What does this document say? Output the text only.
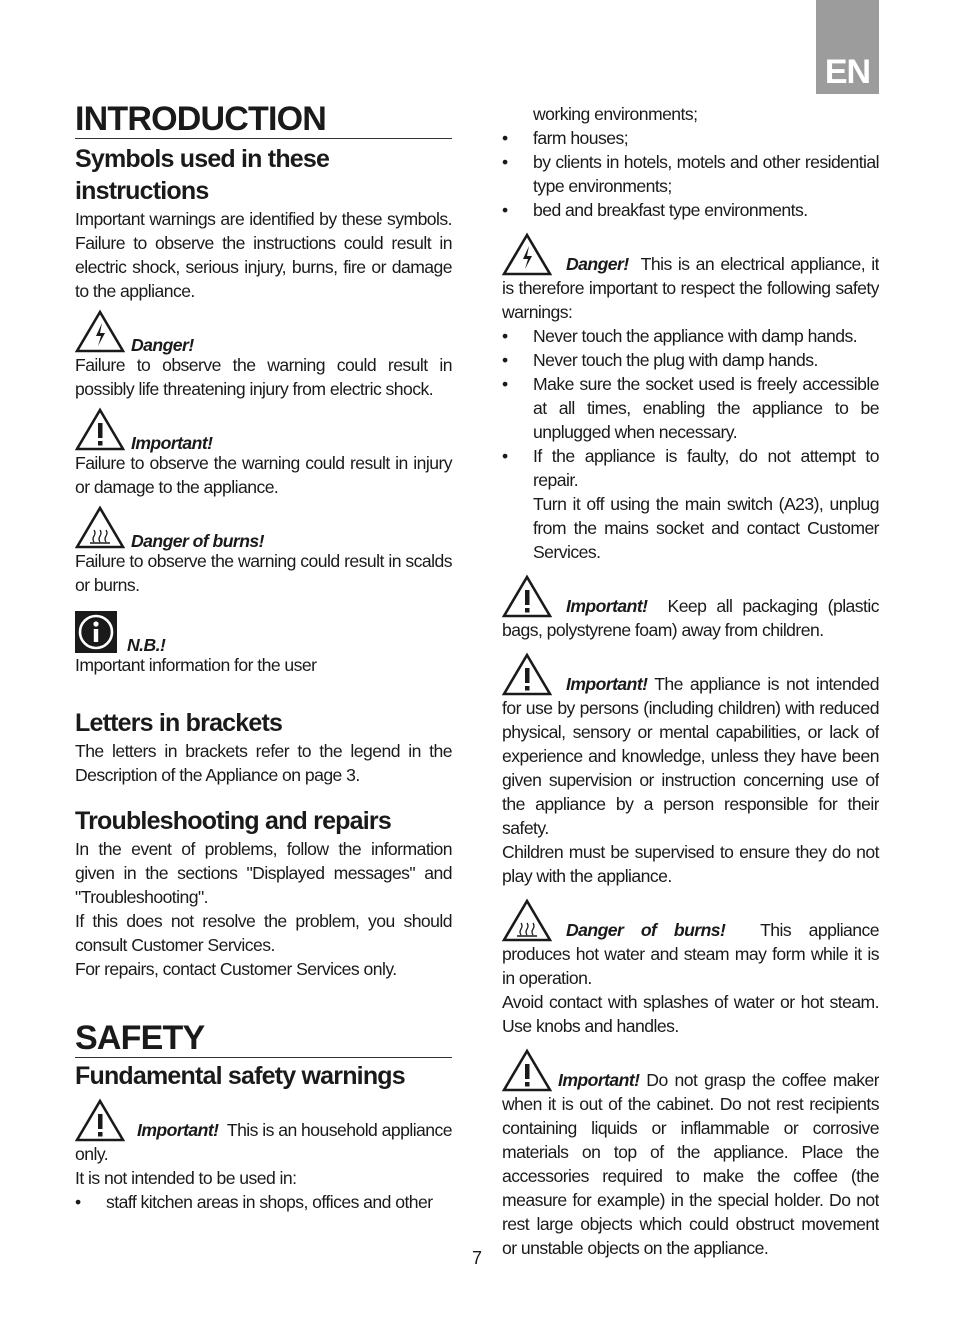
EN
INTRODUCTION
Symbols used in these
instructions

Important warnings are identified by these symbols. Failure to observe the instructions could result in electric shock, serious injury, burns, fire or damage to the appliance.

Danger!

Failure to observe the warning could result in possibly life threatening injury from electric shock.

Important!

Failure to observe the warning could result in injury or damage to the appliance.

Danger of burns!

Failure to observe the warning could result in scalds or burns.

N.B.!

Important information for the user

Letters in brackets

The letters in brackets refer to the legend in the Description of the Appliance on page 3.

Troubleshooting and repairs

In the event of problems, follow the information given in the sections "Displayed messages" and "Troubleshooting".

If this does not resolve the problem, you should consult Customer Services.

For repairs, contact Customer Services only.

SAFETY
Fundamental safety warnings

Important! This is an household appliance only.

It is not intended to be used in:

• staff kitchen areas in shops, offices and other
• working environments;
• farm houses;
• by clients in hotels, motels and other residential type environments;
• bed and breakfast type environments.

Danger! This is an electrical appliance, it is therefore important to respect the following safety warnings:

• Never touch the appliance with damp hands.
• Never touch the plug with damp hands.
• Make sure the socket used is freely accessible at all times, enabling the appliance to be unplugged when necessary.
• If the appliance is faulty, do not attempt to repair.

Turn it off using the main switch (A23), unplug from the mains socket and contact Customer Services.

Important! Keep all packaging (plastic bags, polystyrene foam) away from children.

Important! The appliance is not intended for use by persons (including children) with reduced physical, sensory or mental capabilities, or lack of experience and knowledge, unless they have been given supervision or instruction concerning use of the appliance by a person responsible for their safety.

Children must be supervised to ensure they do not play with the appliance.

Danger of burns! This appliance produces hot water and steam may form while it is in operation.

Avoid contact with splashes of water or hot steam. Use knobs and handles.

Important! Do not grasp the coffee maker when it is out of the cabinet. Do not rest recipients containing liquids or inflammable or corrosive materials on top of the appliance. Place the accessories required to make the coffee (the measure for example) in the special holder. Do not rest large objects which could obstruct movement or unstable objects on the appliance.

7
